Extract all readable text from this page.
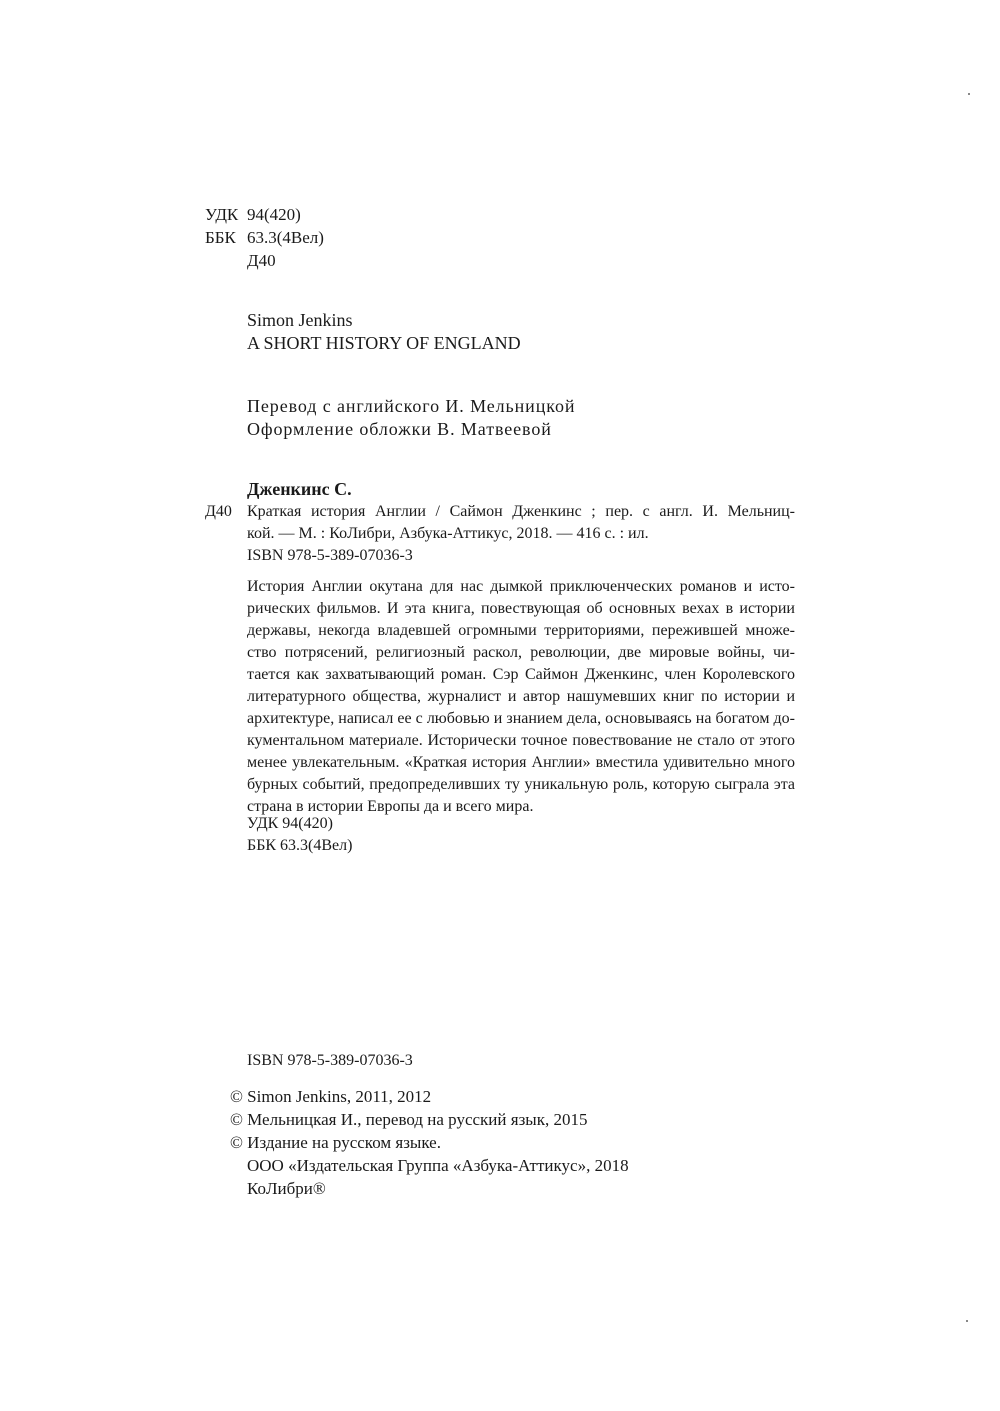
УДК 94(420)
ББК 63.3(4Вел)
Д40
Simon Jenkins
A SHORT HISTORY OF ENGLAND
Перевод с английского И. Мельницкой
Оформление обложки В. Матвеевой
Дженкинс С.
Д40 Краткая история Англии / Саймон Дженкинс ; пер. с англ. И. Мельниц-
кой. — М. : КоЛибри, Азбука-Аттикус, 2018. — 416 с. : ил.
ISBN 978-5-389-07036-3
История Англии окутана для нас дымкой приключенческих романов и исто-
рических фильмов. И эта книга, повествующая об основных вехах в истории
державы, некогда владевшей огромными территориями, пережившей множе-
ство потрясений, религиозный раскол, революции, две мировые войны, чи-
тается как захватывающий роман. Сэр Саймон Дженкинс, член Королевского
литературного общества, журналист и автор нашумевших книг по истории и
архитектуре, написал ее с любовью и знанием дела, основываясь на богатом до-
кументальном материале. Исторически точное повествование не стало от этого
менее увлекательным. «Краткая история Англии» вместила удивительно много
бурных событий, предопределивших ту уникальную роль, которую сыграла эта
страна в истории Европы да и всего мира.
УДК 94(420)
ББК 63.3(4Вел)
ISBN 978-5-389-07036-3
© Simon Jenkins, 2011, 2012
© Мельницкая И., перевод на русский язык, 2015
© Издание на русском языке.
ООО «Издательская Группа «Азбука-Аттикус», 2018
КоЛибри®
